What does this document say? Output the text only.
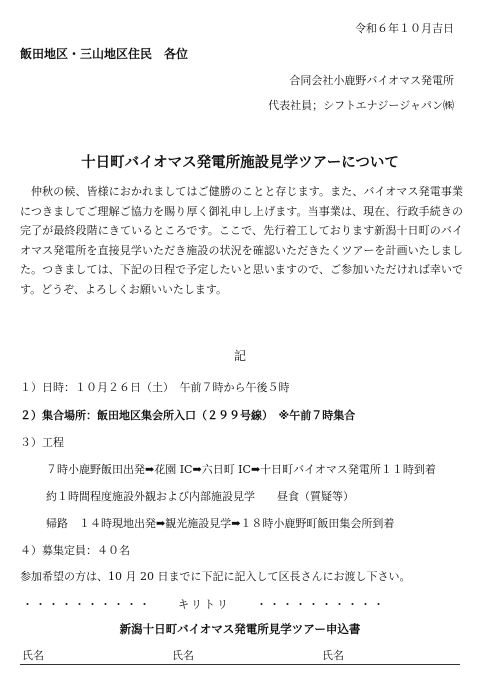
令和６年１０月吉日
飯田地区・三山地区住民　各位
合同会社小鹿野バイオマス発電所
代表社員；シフトエナジージャパン㈱
十日町バイオマス発電所施設見学ツアーについて
仲秋の候、皆様におかれましてはご健勝のことと存じます。また、バイオマス発電事業につきましてご理解ご協力を賜り厚く御礼申し上げます。当事業は、現在、行政手続きの完了が最終段階にきているところです。ここで、先行着工しております新潟十日町のバイオマス発電所を直接見学いただき施設の状況を確認いただきたくツアーを計画いたしました。つきましては、下記の日程で予定したいと思いますので、ご参加いただければ幸いです。どうぞ、よろしくお願いいたします。
記
１）日時：１０月２６日（土）　午前７時から午後５時
２）集合場所：飯田地区集会所入口（２９９号線）　※午前７時集合
３）工程
７時小鹿野飯田出発➡花園 IC➡六日町 IC➡十日町バイオマス発電所１１時到着
約１時間程度施設外観および内部施設見学　　昼食（質疑等）
帰路　１４時現地出発➡観光施設見学➡１８時小鹿野町飯田集会所到着
４）募集定員：４０名
参加希望の方は、10 月 20 日までに下記に記入して区長さんにお渡し下さい。
・・・・・・・・・・　　キリトリ　　・・・・・・・・・・
新潟十日町バイオマス発電所見学ツアー申込書
氏名	氏名	氏名
